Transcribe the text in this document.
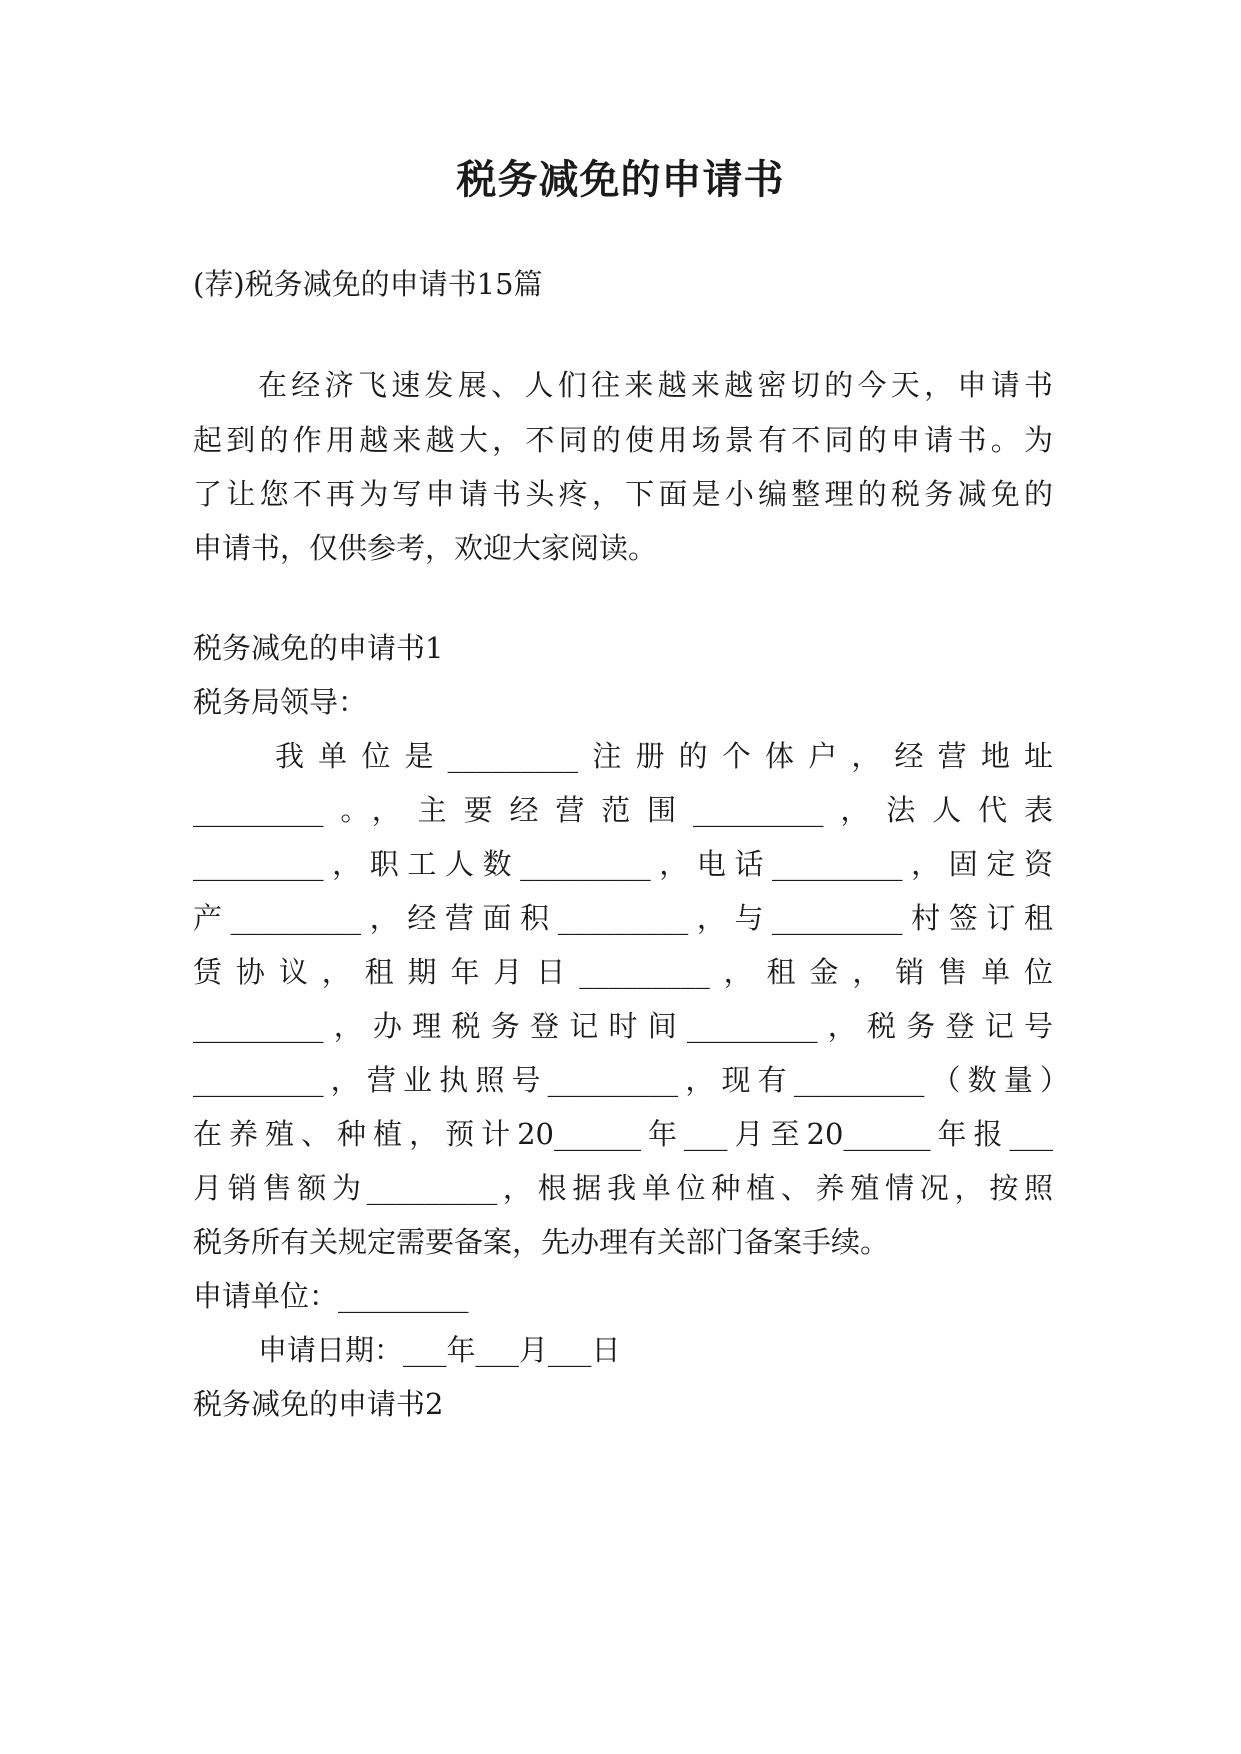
税务减免的申请书
(荐)税务减免的申请书15篇
在经济飞速发展、人们往来越来越密切的今天，申请书
起到的作用越来越大，不同的使用场景有不同的申请书。为
了让您不再为写申请书头疼，下面是小编整理的税务减免的
申请书，仅供参考，欢迎大家阅读。
税务减免的申请书1
税务局领导：
我单位是_________注册的个体户，经营地址
_________。，主要经营范围_________，法人代表
_________，职工人数_________，电话_________，固定资
产_________，经营面积_________，与_________村签订租
赁协议，租期年月日_________，租金，销售单位
_________，办理税务登记时间_________，税务登记号
_________，营业执照号_________，现有_________（数量）
在养殖、种植，预计20______年___月至20______年报___
月销售额为_________，根据我单位种植、养殖情况，按照
税务所有关规定需要备案，先办理有关部门备案手续。
申请单位：_________
申请日期：___年___月___日
税务减免的申请书2
